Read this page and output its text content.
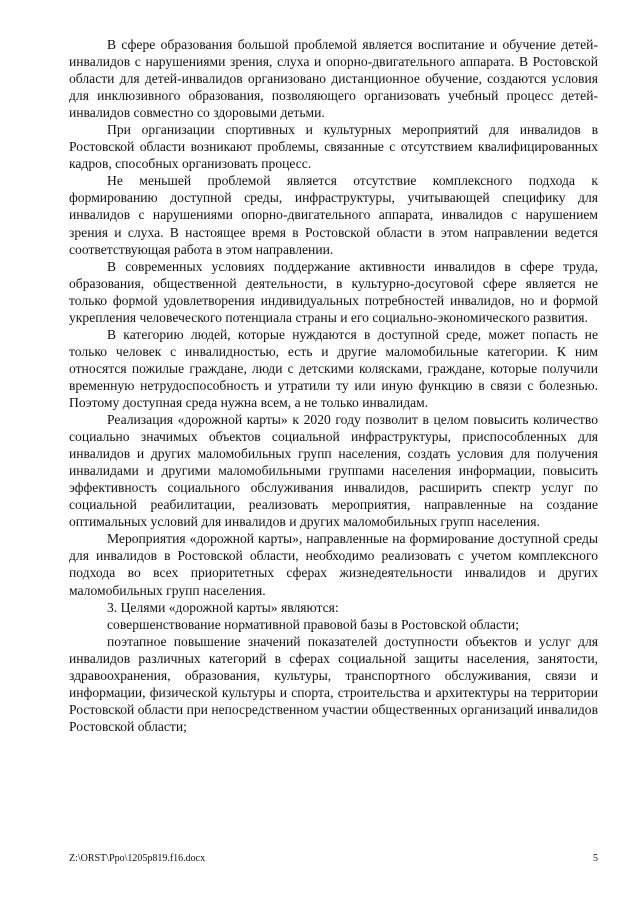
В сфере образования большой проблемой является воспитание и обучение детей-инвалидов с нарушениями зрения, слуха и опорно-двигательного аппарата. В Ростовской области для детей-инвалидов организовано дистанционное обучение, создаются условия для инклюзивного образования, позволяющего организовать учебный процесс детей-инвалидов совместно со здоровыми детьми.

При организации спортивных и культурных мероприятий для инвалидов в Ростовской области возникают проблемы, связанные с отсутствием квалифицированных кадров, способных организовать процесс.

Не меньшей проблемой является отсутствие комплексного подхода к формированию доступной среды, инфраструктуры, учитывающей специфику для инвалидов с нарушениями опорно-двигательного аппарата, инвалидов с нарушением зрения и слуха. В настоящее время в Ростовской области в этом направлении ведется соответствующая работа в этом направлении.

В современных условиях поддержание активности инвалидов в сфере труда, образования, общественной деятельности, в культурно-досуговой сфере является не только формой удовлетворения индивидуальных потребностей инвалидов, но и формой укрепления человеческого потенциала страны и его социально-экономического развития.

В категорию людей, которые нуждаются в доступной среде, может попасть не только человек с инвалидностью, есть и другие маломобильные категории. К ним относятся пожилые граждане, люди с детскими колясками, граждане, которые получили временную нетрудоспособность и утратили ту или иную функцию в связи с болезнью. Поэтому доступная среда нужна всем, а не только инвалидам.

Реализация «дорожной карты» к 2020 году позволит в целом повысить количество социально значимых объектов социальной инфраструктуры, приспособленных для инвалидов и других маломобильных групп населения, создать условия для получения инвалидами и другими маломобильными группами населения информации, повысить эффективность социального обслуживания инвалидов, расширить спектр услуг по социальной реабилитации, реализовать мероприятия, направленные на создание оптимальных условий для инвалидов и других маломобильных групп населения.

Мероприятия «дорожной карты», направленные на формирование доступной среды для инвалидов в Ростовской области, необходимо реализовать с учетом комплексного подхода во всех приоритетных сферах жизнедеятельности инвалидов и других маломобильных групп населения.

3. Целями «дорожной карты» являются:

совершенствование нормативной правовой базы в Ростовской области;

поэтапное повышение значений показателей доступности объектов и услуг для инвалидов различных категорий в сферах социальной защиты населения, занятости, здравоохранения, образования, культуры, транспортного обслуживания, связи и информации, физической культуры и спорта, строительства и архитектуры на территории Ростовской области при непосредственном участии общественных организаций инвалидов Ростовской области;

Z:\ORST\Ppo\1205p819.f16.docx	5
